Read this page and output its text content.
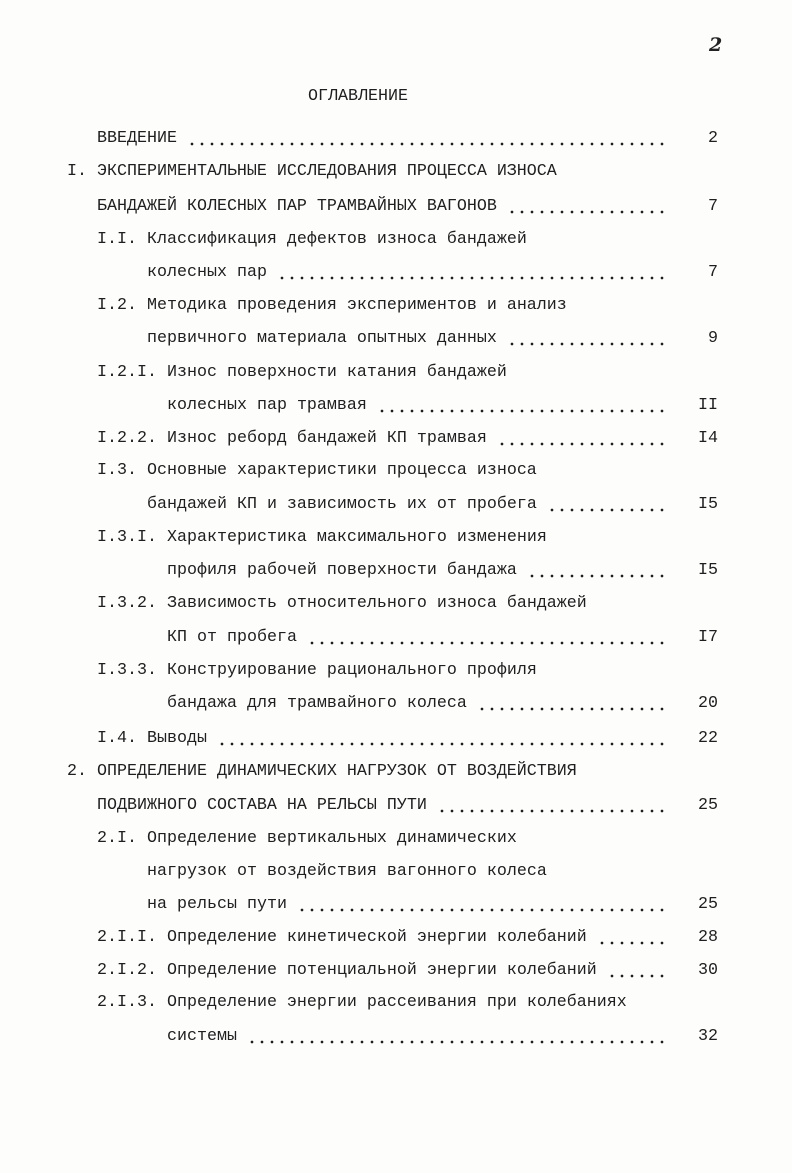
2
ОГЛАВЛЕНИЕ
ВВЕДЕНИЕ	2
I. ЭКСПЕРИМЕНТАЛЬНЫЕ ИССЛЕДОВАНИЯ ПРОЦЕССА ИЗНОСА
БАНДАЖЕЙ КОЛЕСНЫХ ПАР ТРАМВАЙНЫХ ВАГОНОВ	7
I.I. Классификация дефектов износа бандажей
колесных пар	7
I.2. Методика проведения экспериментов и анализ
первичного материала опытных данных	9
I.2.I. Износ поверхности катания бандажей
колесных пар трамвая	II
I.2.2. Износ реборд бандажей КП трамвая	I4
I.3. Основные характеристики процесса износа
бандажей КП и зависимость их от пробега	I5
I.3.I. Характеристика максимального изменения
профиля рабочей поверхности бандажа	I5
I.3.2. Зависимость относительного износа бандажей
КП от пробега	I7
I.3.3. Конструирование рационального профиля
бандажа для трамвайного колеса	20
I.4. Выводы	22
2. ОПРЕДЕЛЕНИЕ ДИНАМИЧЕСКИХ НАГРУЗОК ОТ ВОЗДЕЙСТВИЯ
ПОДВИЖНОГО СОСТАВА НА РЕЛЬСЫ ПУТИ	25
2.I. Определение вертикальных динамических
нагрузок от воздействия вагонного колеса
на рельсы пути	25
2.I.I. Определение кинетической энергии колебаний	28
2.I.2. Определение потенциальной энергии колебаний	30
2.I.3. Определение энергии рассеивания при колебаниях
системы	32
